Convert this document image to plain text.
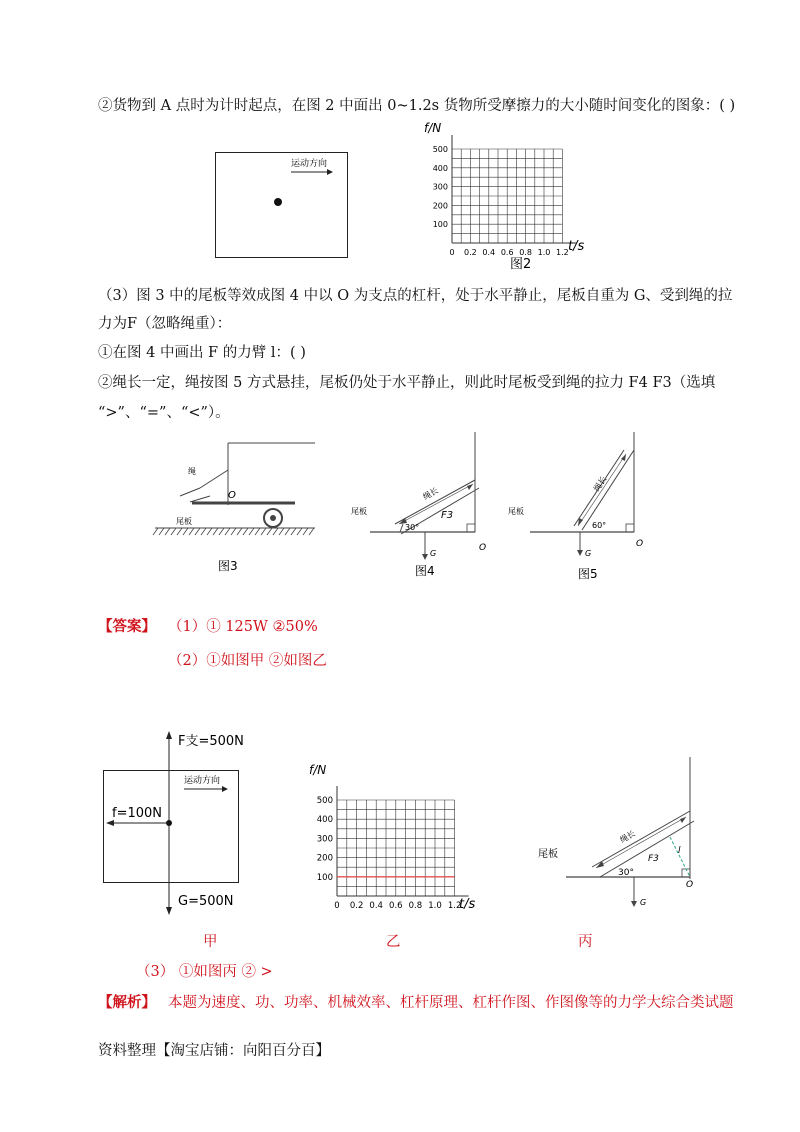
②货物到 A 点时为计时起点，在图 2 中面出 0~1.2s 货物所受摩擦力的大小随时间变化的图象：( )
运动方向
f/N
100
200
300
400
500
0 0.2 0.4 0.6 0.8 1.0 1.2 t/s
图2
（3）图 3 中的尾板等效成图 4 中以 O 为支点的杠杆，处于水平静止，尾板自重为 G、受到绳的拉
力为F（忽略绳重）：
①在图 4 中画出 F 的力臂 l：( )
②绳长一定，绳按图 5 方式悬挂，尾板仍处于水平静止，则此时尾板受到绳的拉力 F4 F3（选填
“>”、“=”、“<”）。
绳
O
尾板
图3
绳长
F3
30°
尾板
G
O
图4
绳长
60°
尾板
G
O
图5
【答案】 （1）① 125W ②50%
（2）①如图甲 ②如图乙
F支=500N
f=100N
G=500N
运动方向
f/N
100
200
300
400
500
0 0.2 0.4 0.6 0.8 1.0 1.2
t/s
l
绳长
F3
30°
尾板
G
O
甲	乙	丙
（3） ①如图丙 ② >
【解析】 本题为速度、功、功率、机械效率、杠杆原理、杠杆作图、作图像等的力学大综合类试题
资料整理【淘宝店铺：向阳百分百】
